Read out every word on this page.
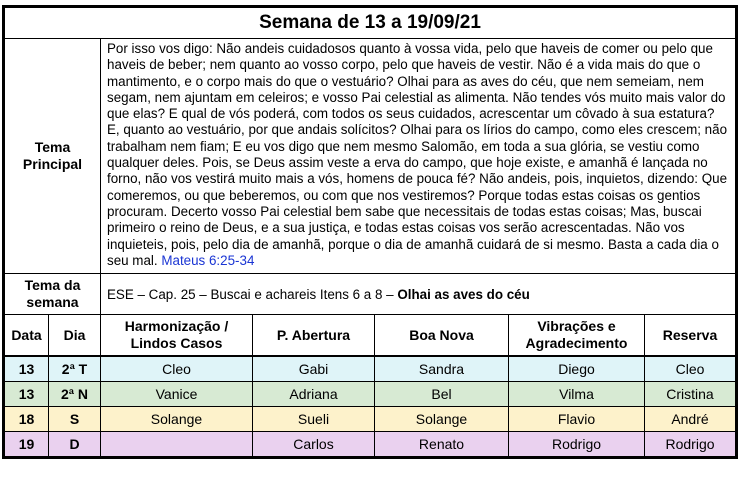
Semana de 13 a 19/09/21						
Tema
Principal		Por isso vos digo: Não andeis cuidadosos quanto à vossa vida, pelo que haveis de comer ou pelo que haveis de beber; nem quanto ao vosso corpo, pelo que haveis de vestir. Não é a vida mais do que o mantimento, e o corpo mais do que o vestuário? Olhai para as aves do céu, que nem semeiam, nem segam, nem ajuntam em celeiros; e vosso Pai celestial as alimenta. Não tendes vós muito mais valor do que elas? E qual de vós poderá, com todos os seus cuidados, acrescentar um côvado à sua estatura? E, quanto ao vestuário, por que andais solícitos? Olhai para os lírios do campo, como eles crescem; não trabalham nem fiam; E eu vos digo que nem mesmo Salomão, em toda a sua glória, se vestiu como qualquer deles. Pois, se Deus assim veste a erva do campo, que hoje existe, e amanhã é lançada no forno, não vos vestirá muito mais a vós, homens de pouca fé? Não andeis, pois, inquietos, dizendo: Que comeremos, ou que beberemos, ou com que nos vestiremos? Porque todas estas coisas os gentios procuram. Decerto vosso Pai celestial bem sabe que necessitais de todas estas coisas; Mas, buscai primeiro o reino de Deus, e a sua justiça, e todas estas coisas vos serão acrescentadas. Não vos inquieteis, pois, pelo dia de amanhã, porque o dia de amanhã cuidará de si mesmo. Basta a cada dia o seu mal. Mateus 6:25-34				
Tema da
semana		ESE – Cap. 25 – Buscai e achareis Itens 6 a 8 – Olhai as aves do céu				
Data	Dia	Harmonização / Lindos Casos	P. Abertura	Boa Nova	Vibrações e Agradecimento	Reserva
13	2ª T	Cleo	Gabi	Sandra	Diego	Cleo
13	2ª N	Vanice	Adriana	Bel	Vilma	Cristina
18	S	Solange	Sueli	Solange	Flavio	André
19	D		Carlos	Renato	Rodrigo	Rodrigo
